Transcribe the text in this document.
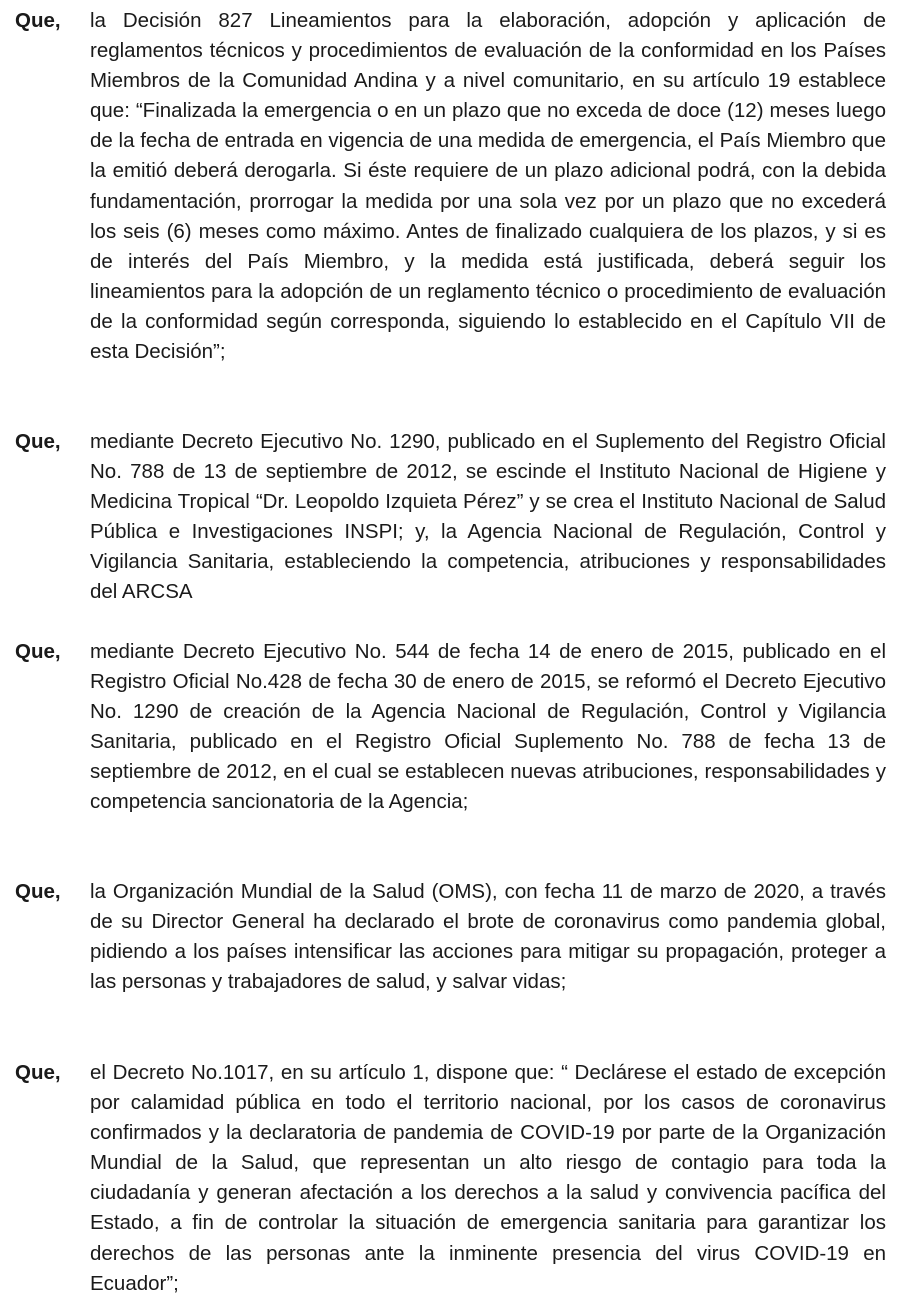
Que, la Decisión 827 Lineamientos para la elaboración, adopción y aplicación de reglamentos técnicos y procedimientos de evaluación de la conformidad en los Países Miembros de la Comunidad Andina y a nivel comunitario, en su artículo 19 establece que: “Finalizada la emergencia o en un plazo que no exceda de doce (12) meses luego de la fecha de entrada en vigencia de una medida de emergencia, el País Miembro que la emitió deberá derogarla. Si éste requiere de un plazo adicional podrá, con la debida fundamentación, prorrogar la medida por una sola vez por un plazo que no excederá los seis (6) meses como máximo. Antes de finalizado cualquiera de los plazos, y si es de interés del País Miembro, y la medida está justificada, deberá seguir los lineamientos para la adopción de un reglamento técnico o procedimiento de evaluación de la conformidad según corresponda, siguiendo lo establecido en el Capítulo VII de esta Decisión”;

Que, mediante Decreto Ejecutivo No. 1290, publicado en el Suplemento del Registro Oficial No. 788 de 13 de septiembre de 2012, se escinde el Instituto Nacional de Higiene y Medicina Tropical “Dr. Leopoldo Izquieta Pérez” y se crea el Instituto Nacional de Salud Pública e Investigaciones INSPI; y, la Agencia Nacional de Regulación, Control y Vigilancia Sanitaria, estableciendo la competencia, atribuciones y responsabilidades del ARCSA

Que, mediante Decreto Ejecutivo No. 544 de fecha 14 de enero de 2015, publicado en el Registro Oficial No.428 de fecha 30 de enero de 2015, se reformó el Decreto Ejecutivo No. 1290 de creación de la Agencia Nacional de Regulación, Control y Vigilancia Sanitaria, publicado en el Registro Oficial Suplemento No. 788 de fecha 13 de septiembre de 2012, en el cual se establecen nuevas atribuciones, responsabilidades y competencia sancionatoria de la Agencia;

Que, la Organización Mundial de la Salud (OMS), con fecha 11 de marzo de 2020, a través de su Director General ha declarado el brote de coronavirus como pandemia global, pidiendo a los países intensificar las acciones para mitigar su propagación, proteger a las personas y trabajadores de salud, y salvar vidas;

Que, el Decreto No.1017, en su artículo 1, dispone que: “ Declárese el estado de excepción por calamidad pública en todo el territorio nacional, por los casos de coronavirus confirmados y la declaratoria de pandemia de COVID-19 por parte de la Organización Mundial de la Salud, que representan un alto riesgo de contagio para toda la ciudadanía y generan afectación a los derechos a la salud y convivencia pacífica del Estado, a fin de controlar la situación de emergencia sanitaria para garantizar los derechos de las personas ante la inminente presencia del virus COVID-19 en Ecuador”;
